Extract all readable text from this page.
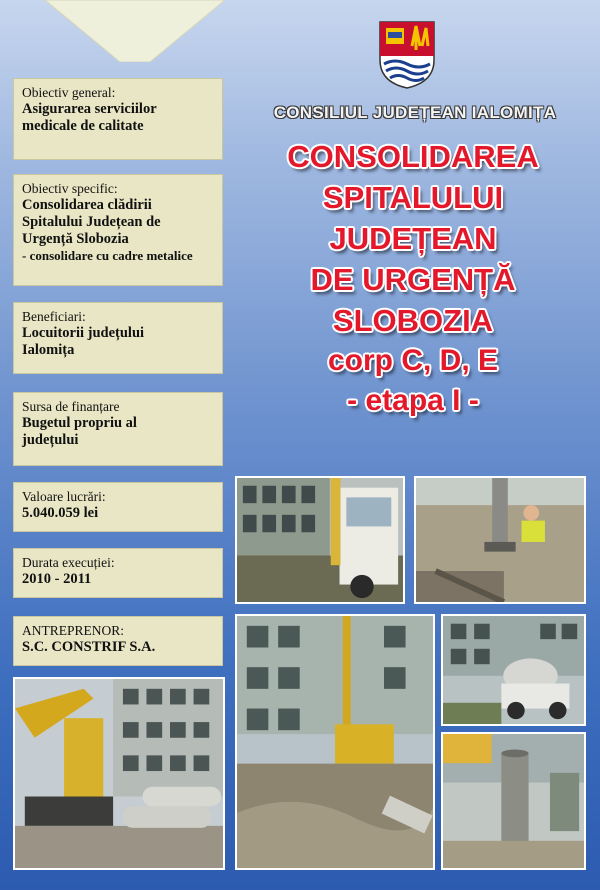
CONSILIUL JUDEȚEAN IALOMIȚA
CONSOLIDAREA
SPITALULUI
JUDEȚEAN
DE URGENȚĂ
SLOBOZIA
corp C, D, E
- etapa I -
Obiectiv general:
Asigurarea serviciilor
medicale de calitate
Obiectiv specific:
Consolidarea clădirii
Spitalului Județean de
Urgență Slobozia
- consolidare cu cadre metalice
Beneficiari:
Locuitorii județului
Ialomița
Sursa de finanțare
Bugetul propriu al
județului
Valoare lucrări:
5.040.059 lei
Durata execuției:
2010 - 2011
ANTREPRENOR:
S.C. CONSTRIF S.A.
